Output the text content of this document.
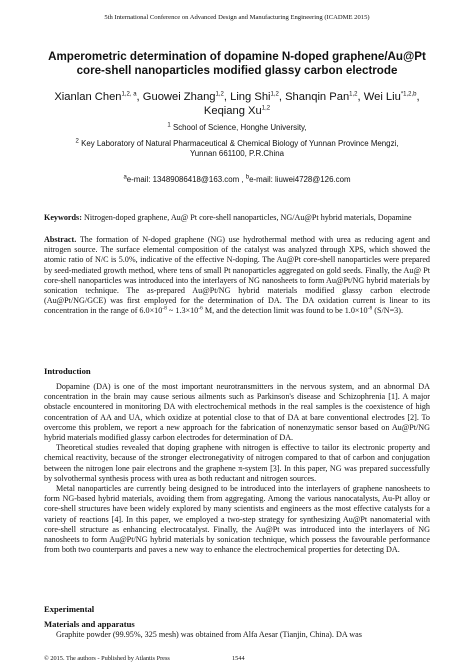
5th International Conference on Advanced Design and Manufacturing Engineering (ICADME 2015)
Amperometric determination of dopamine N-doped graphene/Au@Pt
core-shell nanoparticles modified glassy carbon electrode
Xianlan Chen$^{1,2, a}$, Guowei Zhang$^{1,2}$, Ling Shi$^{1,2}$, Shanqin Pan$^{1,2}$, Wei Liu$^{*1,2,b}$,
Keqiang Xu$^{1,2}$
$^1$ School of Science, Honghe University,
$^2$ Key Laboratory of Natural Pharmaceutical & Chemical Biology of Yunnan Province Mengzi,
Yunnan 661100, P.R.China
$^a$e-mail: 13489086418@163.com , $^b$e-mail: liuwei4728@126.com

Keywords: Nitrogen-doped graphene, Au@ Pt core-shell nanoparticles, NG/Au@Pt hybrid materials, Dopamine

Abstract. The formation of N-doped graphene (NG) use hydrothermal method with urea as reducing agent and nitrogen source. The surface elemental composition of the catalyst was analyzed through XPS, which showed the atomic ratio of N/C is 5.0%, indicative of the effective N-doping. The Au@Pt core-shell nanoparticles were prepared by seed-mediated growth method, where tens of small Pt nanoparticles aggregated on gold seeds. Finally, the Au@ Pt core-shell nanoparticles was introduced into the interlayers of NG nanosheets to form Au@Pt/NG hybrid materials by sonication technique. The as-prepared Au@Pt/NG hybrid materials modified glassy carbon electrode (Au@Pt/NG/GCE) was first employed for the determination of DA. The DA oxidation current is linear to its concentration in the range of $6.0\times 10^{-8}$ ~ $1.3\times 10^{-6}$ M, and the detection limit was found to be $1.0\times 10^{-8}$ (S/N=3).

Introduction

Dopamine (DA) is one of the most important neurotransmitters in the nervous system, and an abnormal DA concentration in the brain may cause serious ailments such as Parkinson's disease and Schizophrenia [1]. A major obstacle encountered in monitoring DA with electrochemical methods in the real samples is the coexistence of high concentration of AA and UA, which oxidize at potential close to that of DA at bare conventional electrodes [2]. To overcome this problem, we report a new approach for the fabrication of nonenzymatic sensor based on Au@Pt/NG hybrid materials modified glassy carbon electrodes for determination of DA.

Theoretical studies revealed that doping graphene with nitrogen is effective to tailor its electronic property and chemical reactivity, because of the stronger electronegativity of nitrogen compared to that of carbon and conjugation between the nitrogen lone pair electrons and the graphene π-system [3]. In this paper, NG was prepared successfully by solvothermal synthesis process with urea as both reductant and nitrogen sources.

Metal nanoparticles are currently being designed to be introduced into the interlayers of graphene nanosheets to form NG-based hybrid materials, avoiding them from aggregating. Among the various nanocatalysts, Au-Pt alloy or core-shell structures have been widely explored by many scientists and engineers as the most effective catalysts for a variety of reactions [4]. In this paper, we employed a two-step strategy for synthesizing Au@Pt nanomaterial with core-shell structure as enhancing electrocatalyst. Finally, the Au@Pt was introduced into the interlayers of NG nanosheets to form Au@Pt/NG hybrid materials by sonication technique, which possess the favourable performance from both two counterparts and paves a new way to enhance the electrochemical properties for detecting DA.

Experimental
Materials and apparatus
Graphite powder (99.95%, 325 mesh) was obtained from Alfa Aesar (Tianjin, China). DA was
© 2015. The authors - Published by Atlantis Press	1544
